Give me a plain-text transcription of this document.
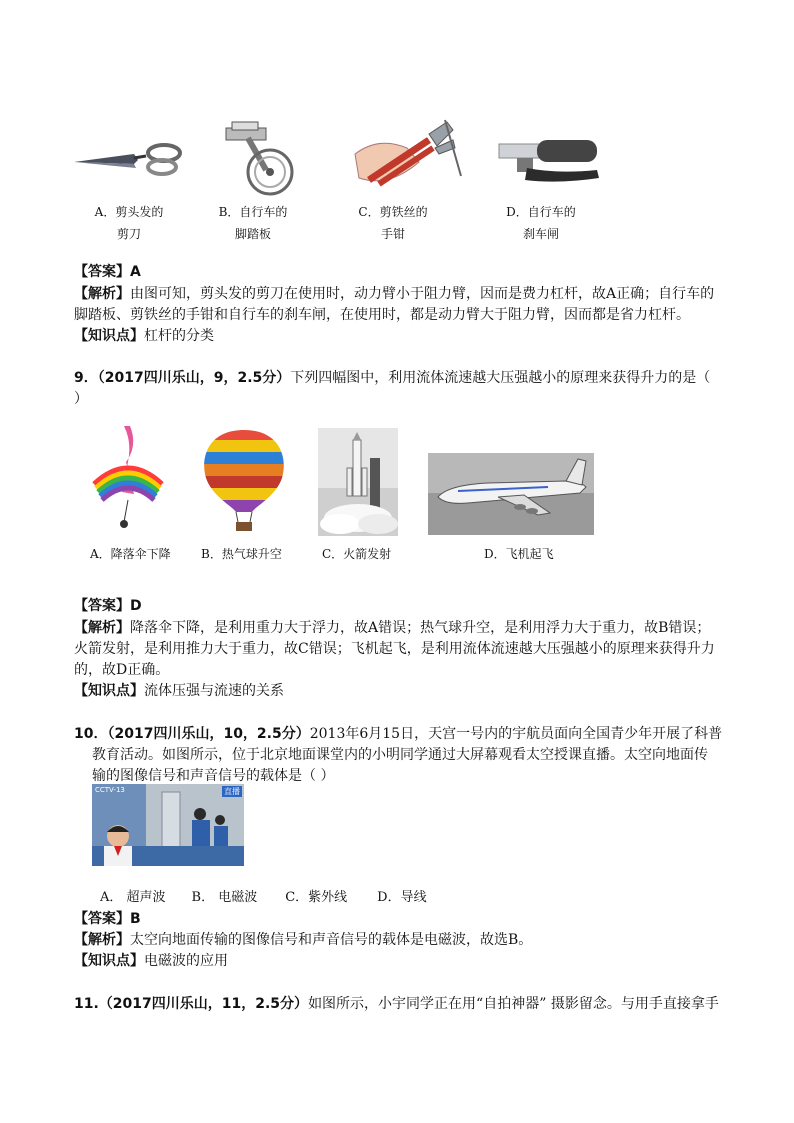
A．剪头发的
剪刀
B．自行车的
脚踏板
C．剪铁丝的
手钳
D．自行车的
刹车闸
【答案】A
【解析】由图可知，剪头发的剪刀在使用时，动力臂小于阻力臂，因而是费力杠杆，故A正确；自行车的
脚踏板、剪铁丝的手钳和自行车的刹车闸，在使用时，都是动力臂大于阻力臂，因而都是省力杠杆。
【知识点】杠杆的分类
9．（2017四川乐山，9，2.5分）下列四幅图中，利用流体流速越大压强越小的原理来获得升力的是（
）
A．降落伞下降	B．热气球升空	C．火箭发射	D．飞机起飞
【答案】D
【解析】降落伞下降，是利用重力大于浮力，故A错误；热气球升空，是利用浮力大于重力，故B错误；
火箭发射，是利用推力大于重力，故C错误；飞机起飞，是利用流体流速越大压强越小的原理来获得升力
的，故D正确。
【知识点】流体压强与流速的关系
10．（2017四川乐山，10，2.5分）2013年6月15日，天宫一号内的宇航员面向全国青少年开展了科普
教育活动。如图所示，位于北京地面课堂内的小明同学通过大屏幕观看太空授课直播。太空向地面传
输的图像信号和声音信号的载体是（ ）
CCTV-13	直播
A． 超声波 B． 电磁波 C．紫外线 D．导线
【答案】B
【解析】太空向地面传输的图像信号和声音信号的载体是电磁波，故选B。
【知识点】电磁波的应用
11.（2017四川乐山，11，2.5分）如图所示，小宇同学正在用“自拍神器” 摄影留念。与用手直接拿手
